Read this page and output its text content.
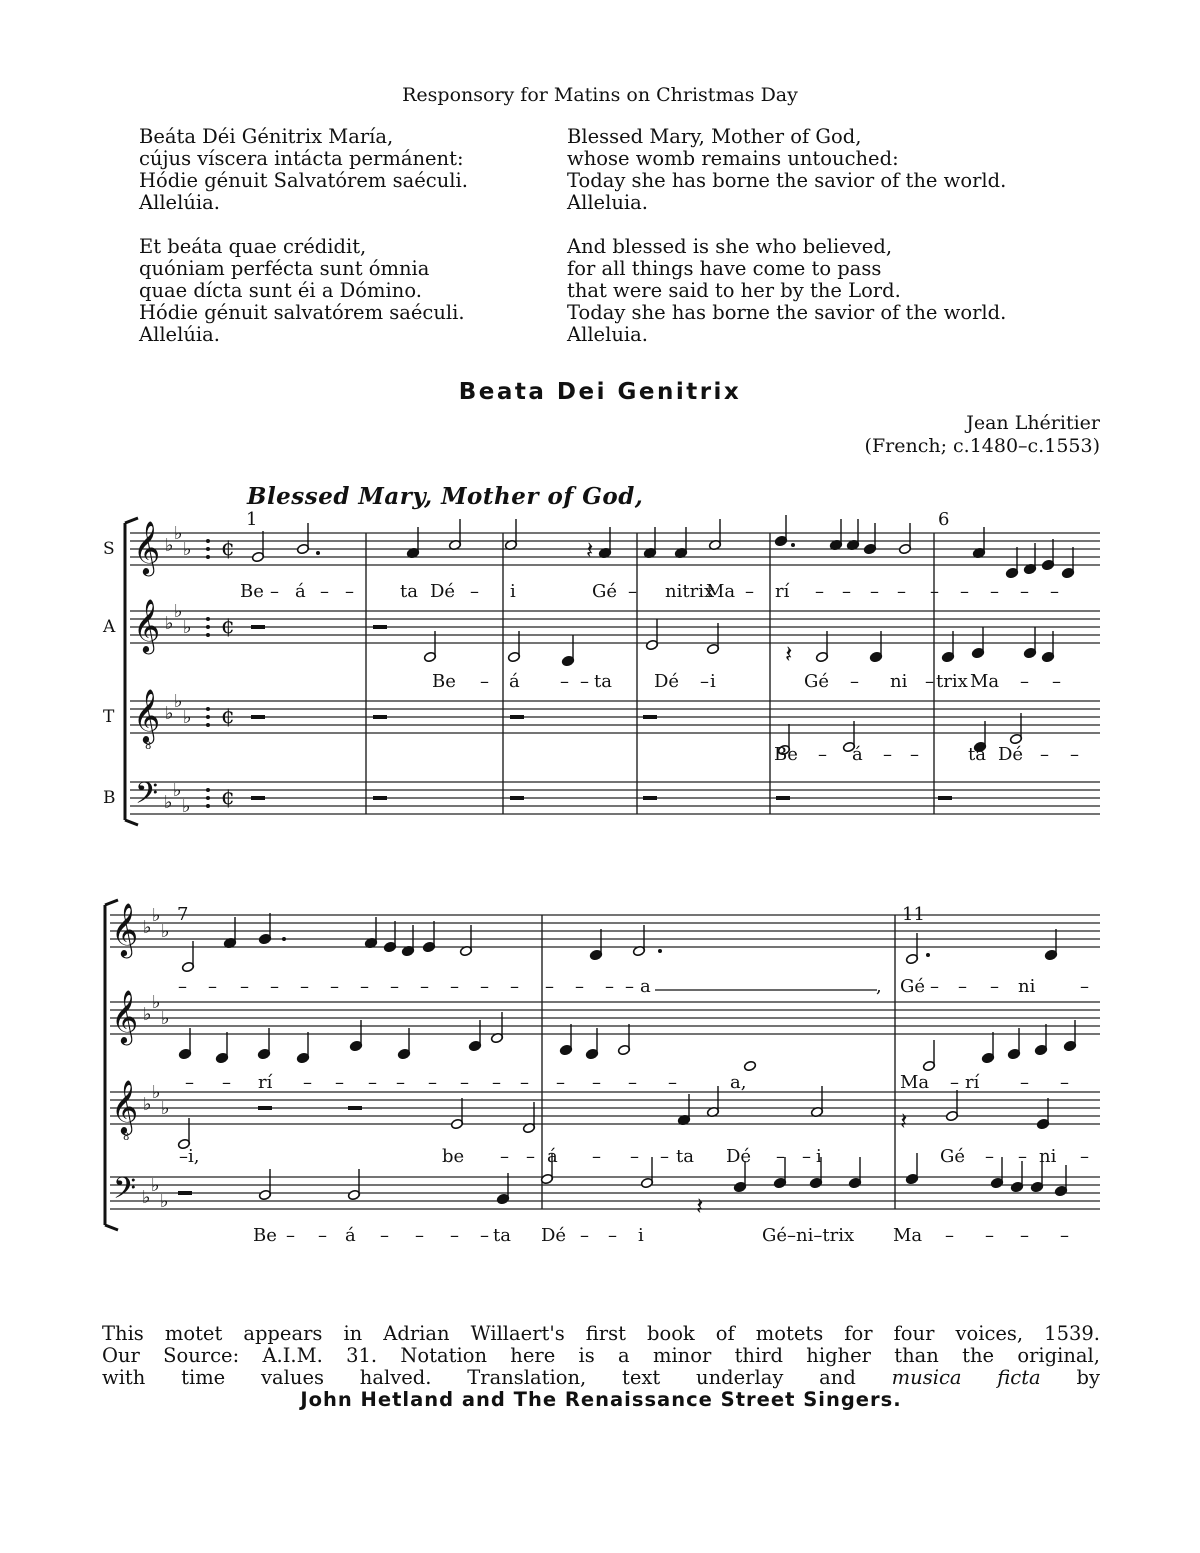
Responsory for Matins on Christmas Day
Beáta Déi Génitrix María,
cújus víscera intácta permánent:
Hódie génuit Salvatórem saéculi.
Allelúia.
Et beáta quae crédidit,
quóniam perfécta sunt ómnia
quae dícta sunt éi a Dómino.
Hódie génuit salvatórem saéculi.
Allelúia.
Blessed Mary, Mother of God,
whose womb remains untouched:
Today she has borne the savior of the world.
Alleluia.
And blessed is she who believed,
for all things have come to pass
that were said to her by the Lord.
Today she has borne the savior of the world.
Alleluia.
Beata Dei Genitrix
Jean Lhéritier
(French; c.1480–c.1553)
Blessed Mary, Mother of God,
S 𝄞 ♭
♭
♭ ¢
A 𝄞 ♭
♭
♭ ¢
T 𝄞
8
♭
♭
♭ ¢
B 𝄢 ♭
♭
♭ ¢
1	6
𝄽
𝄽
Be – á – –	ta Dé – i	Gé – nitrix
Ma – rí – – – – – – – – –
Be – á – – ta Dé – i	Gé – ni – trix Ma – –
Be – á – –	ta Dé – –
𝄞 ♭
♭
♭
𝄞 ♭
♭
♭
𝄞
8
♭
♭
♭
𝄢 ♭
♭
♭
7	11
𝄽
𝄽
– – – – – – – – – – – – – – – – a	, Gé – – – ni –
– – rí – – – – – – – – – – – –	a,	Ma – rí – –
–i,	be – – á – – – ta Dé – – i	Gé – – ni –
Be – – á – – – – ta Dé – – i	Gé–ni–trix Ma – – – –
This motet appears in Adrian Willaert's first book of motets for four voices, 1539.
Our Source: A.I.M. 31. Notation here is a minor third higher than the original,
with time values halved. Translation, text underlay and musica ficta by
John Hetland and The Renaissance Street Singers.
